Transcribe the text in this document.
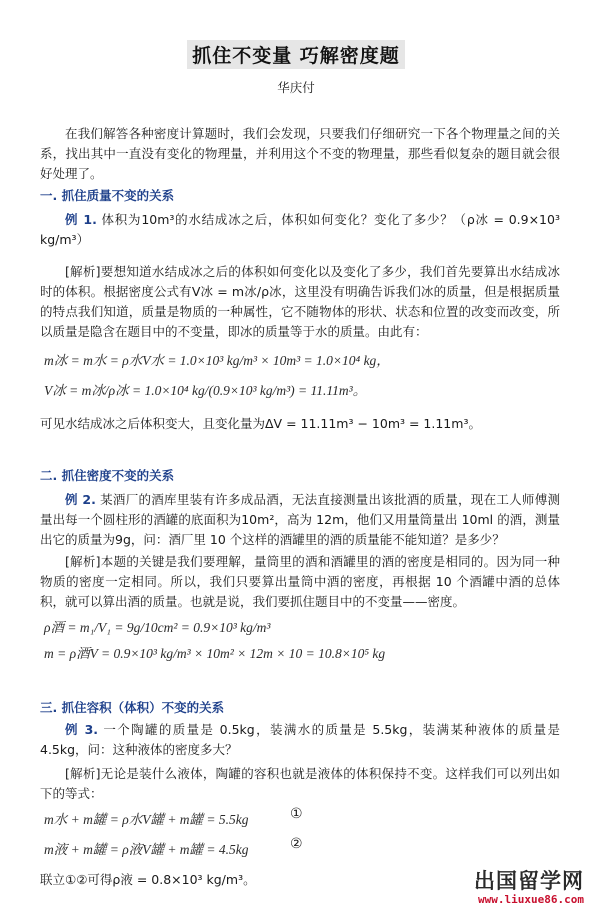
抓住不变量 巧解密度题
华庆付
在我们解答各种密度计算题时，我们会发现，只要我们仔细研究一下各个物理量之间的关系，找出其中一直没有变化的物理量，并利用这个不变的物理量，那些看似复杂的题目就会很好处理了。
一. 抓住质量不变的关系
例 1. 体积为10m³的水结成冰之后，体积如何变化？变化了多少？（ρ冰 = 0.9×10³ kg/m³）
[解析]要想知道水结成冰之后的体积如何变化以及变化了多少，我们首先要算出水结成冰时的体积。根据密度公式有V冰 = m冰/ρ冰，这里没有明确告诉我们冰的质量，但是根据质量的特点我们知道，质量是物质的一种属性，它不随物体的形状、状态和位置的改变而改变，所以质量是隐含在题目中的不变量，即冰的质量等于水的质量。由此有：
m冰 = m水 = ρ水V水 = 1.0×10³ kg/m³ × 10m³ = 1.0×10⁴ kg，
V冰 = m冰/ρ冰 = 1.0×10⁴ kg/(0.9×10³ kg/m³) = 11.11m³。
可见水结成冰之后体积变大，且变化量为ΔV = 11.11m³ − 10m³ = 1.11m³。
二. 抓住密度不变的关系
例 2. 某酒厂的酒库里装有许多成品酒，无法直接测量出该批酒的质量，现在工人师傅测量出每一个圆柱形的酒罐的底面积为10m²，高为 12m，他们又用量筒量出 10ml 的酒，测量出它的质量为9g，问：酒厂里 10 个这样的酒罐里的酒的质量能不能知道？是多少？
[解析]本题的关键是我们要理解，量筒里的酒和酒罐里的酒的密度是相同的。因为同一种物质的密度一定相同。所以，我们只要算出量筒中酒的密度，再根据 10 个酒罐中酒的总体积，就可以算出酒的质量。也就是说，我们要抓住题目中的不变量——密度。
ρ酒 = m₁/V₁ = 9g/10cm² = 0.9×10³ kg/m³
m = ρ酒V = 0.9×10³ kg/m³ × 10m² × 12m × 10 = 10.8×10⁵ kg
三. 抓住容积（体积）不变的关系
例 3. 一个陶罐的质量是 0.5kg，装满水的质量是 5.5kg，装满某种液体的质量是 4.5kg，问：这种液体的密度多大？
[解析]无论是装什么液体，陶罐的容积也就是液体的体积保持不变。这样我们可以列出如下的等式：
m水 + m罐 = ρ水V罐 + m罐 = 5.5kg	①
m液 + m罐 = ρ液V罐 + m罐 = 4.5kg	②
联立①②可得ρ液 = 0.8×10³ kg/m³。	出国留学网
www.liuxue86.com
